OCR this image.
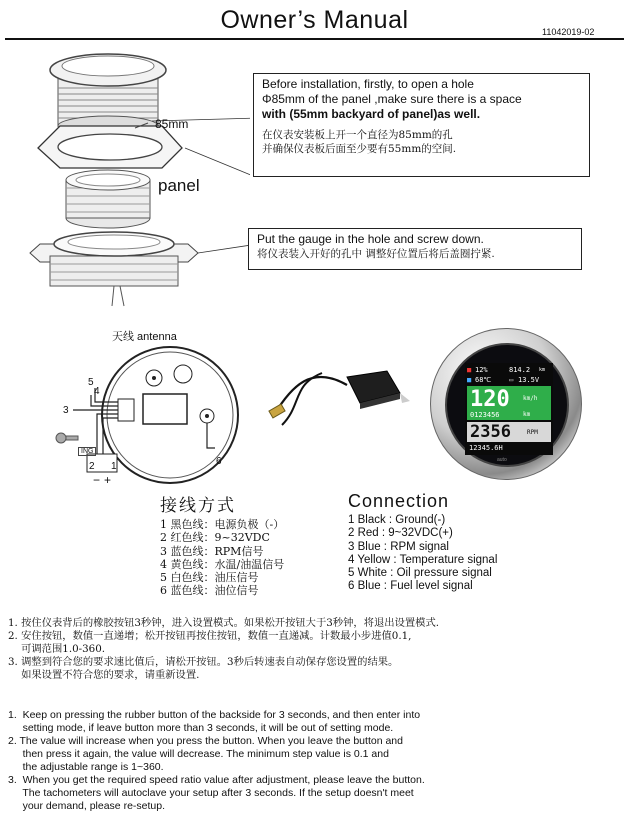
Owner’s Manual	11042019-02
85mm
panel
Before installation, firstly, to open a hole
Φ85mm of the panel ,make sure there is a space
with (55mm backyard of panel)as well.
在仪表安装板上开一个直径为85mm的孔
并确保仪表板后面至少要有55mm的空间.
Put the gauge in the hole and screw down.
将仪表装入开好的孔中 调整好位置后将后盖圈拧紧.
天线 antenna
5
4
3
2 1	6
ING
− +
■ 12%	814.2 km
■ 68℃	▭ 13.5V
120 km/h
0123456	km
2356	RPM
12345.6H
auto
接线方式
1 黑色线：电源负极（-）
2 红色线：9~32VDC
3 蓝色线：RPM信号
4 黄色线：水温/油温信号
5 白色线：油压信号
6 蓝色线：油位信号
Connection
1 Black : Ground(-)
2 Red : 9~32VDC(+)
3 Blue : RPM signal
4 Yellow : Temperature signal
5 White : Oil pressure signal
6 Blue : Fuel level signal
1. 按住仪表背后的橡胶按钮3秒钟，进入设置模式。如果松开按钮大于3秒钟，将退出设置模式.
2. 安住按钮，数值一直递增；松开按钮再按住按钮，数值一直递减。计数最小步进值0.1,
可调范围1.0-360.
3. 调整到符合您的要求速比值后，请松开按钮。3秒后转速表自动保存您设置的结果。
如果设置不符合您的要求，请重新设置.
1.  Keep on pressing the rubber button of the backside for 3 seconds, and then enter into
setting mode, if leave button more than 3 seconds, it will be out of setting mode.
2. The value will increase when you press the button. When you leave the button and
then press it again, the value will decrease. The minimum step value is 0.1 and
the adjustable range is 1~360.
3.  When you get the required speed ratio value after adjustment, please leave the button.
The tachometers will autoclave your setup after 3 seconds. If the setup doesn't meet
your demand, please re-setup.
